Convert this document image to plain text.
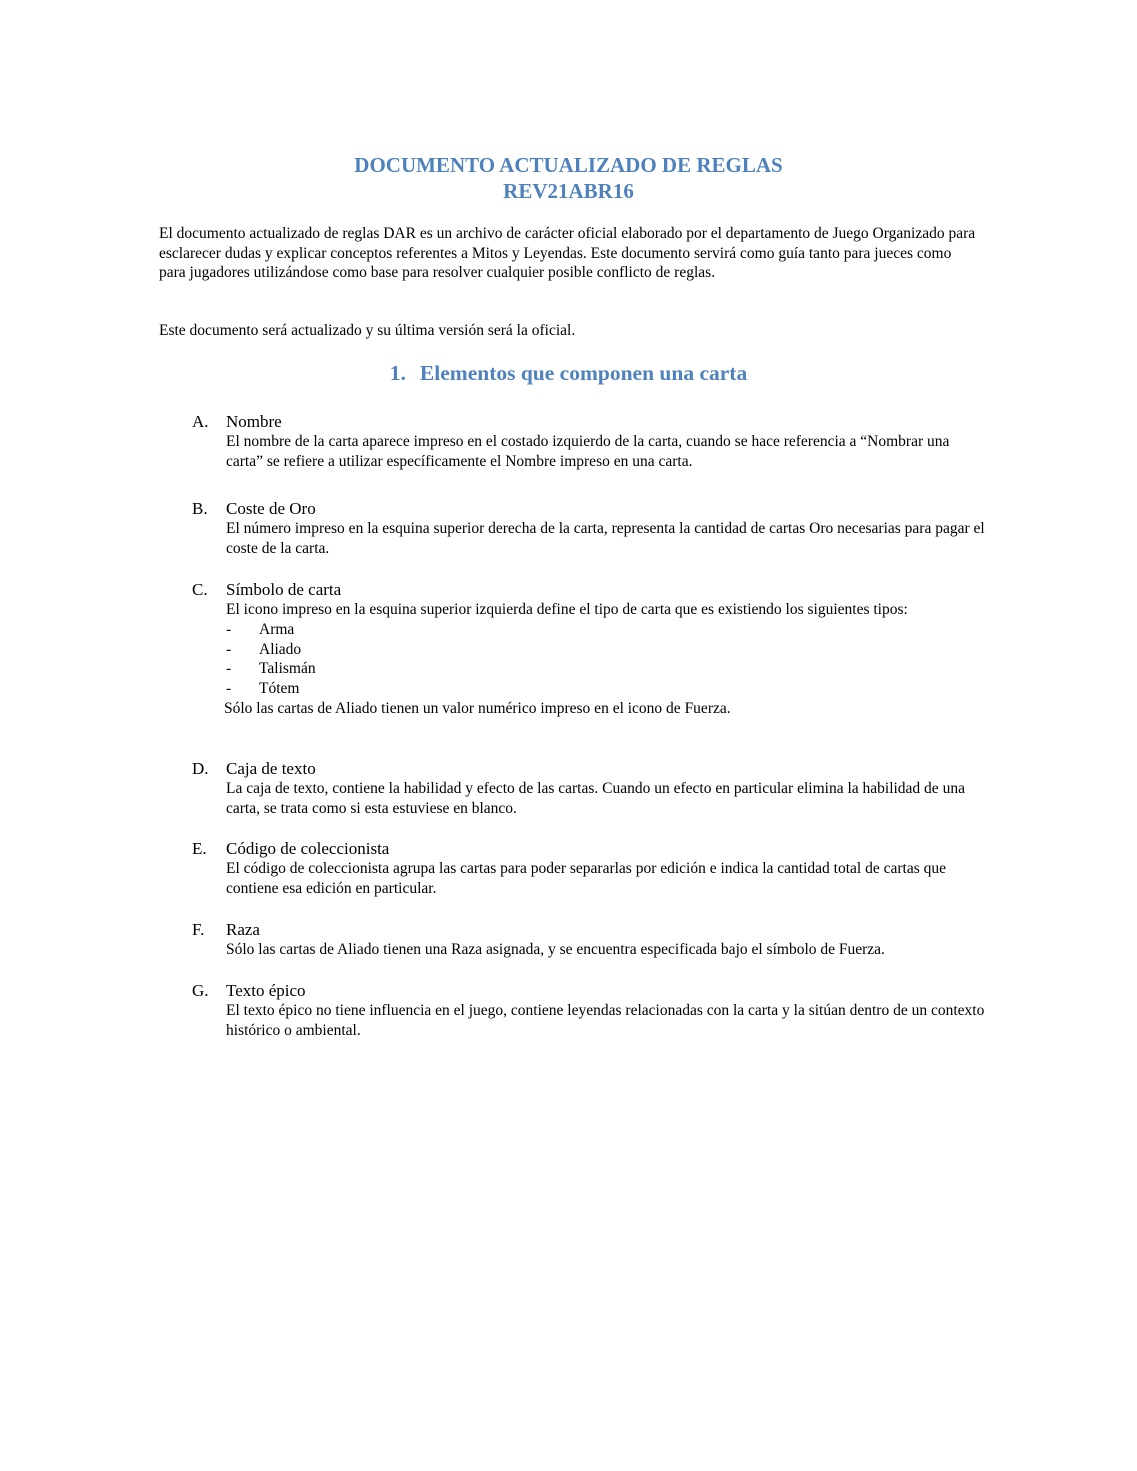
DOCUMENTO ACTUALIZADO DE REGLAS
REV21ABR16

El documento actualizado de reglas DAR es un archivo de carácter oficial elaborado por el departamento de Juego Organizado para esclarecer dudas y explicar conceptos referentes a Mitos y Leyendas. Este documento servirá como guía tanto para jueces como para jugadores utilizándose como base para resolver cualquier posible conflicto de reglas.

Este documento será actualizado y su última versión será la oficial.

1. Elementos que componen una carta
A. Nombre

El nombre de la carta aparece impreso en el costado izquierdo de la carta, cuando se hace referencia a “Nombrar una carta” se refiere a utilizar específicamente el Nombre impreso en una carta.

B. Coste de Oro

El número impreso en la esquina superior derecha de la carta, representa la cantidad de cartas Oro necesarias para pagar el coste de la carta.

C. Símbolo de carta

El icono impreso en la esquina superior izquierda define el tipo de carta que es existiendo los siguientes tipos:

- Arma
- Aliado
- Talismán
- Tótem

Sólo las cartas de Aliado tienen un valor numérico impreso en el icono de Fuerza.

D. Caja de texto

La caja de texto, contiene la habilidad y efecto de las cartas. Cuando un efecto en particular elimina la habilidad de una carta, se trata como si esta estuviese en blanco.

E. Código de coleccionista

El código de coleccionista agrupa las cartas para poder separarlas por edición e indica la cantidad total de cartas que contiene esa edición en particular.

F. Raza

Sólo las cartas de Aliado tienen una Raza asignada, y se encuentra especificada bajo el símbolo de Fuerza.

G. Texto épico

El texto épico no tiene influencia en el juego, contiene leyendas relacionadas con la carta y la sitúan dentro de un contexto histórico o ambiental.
